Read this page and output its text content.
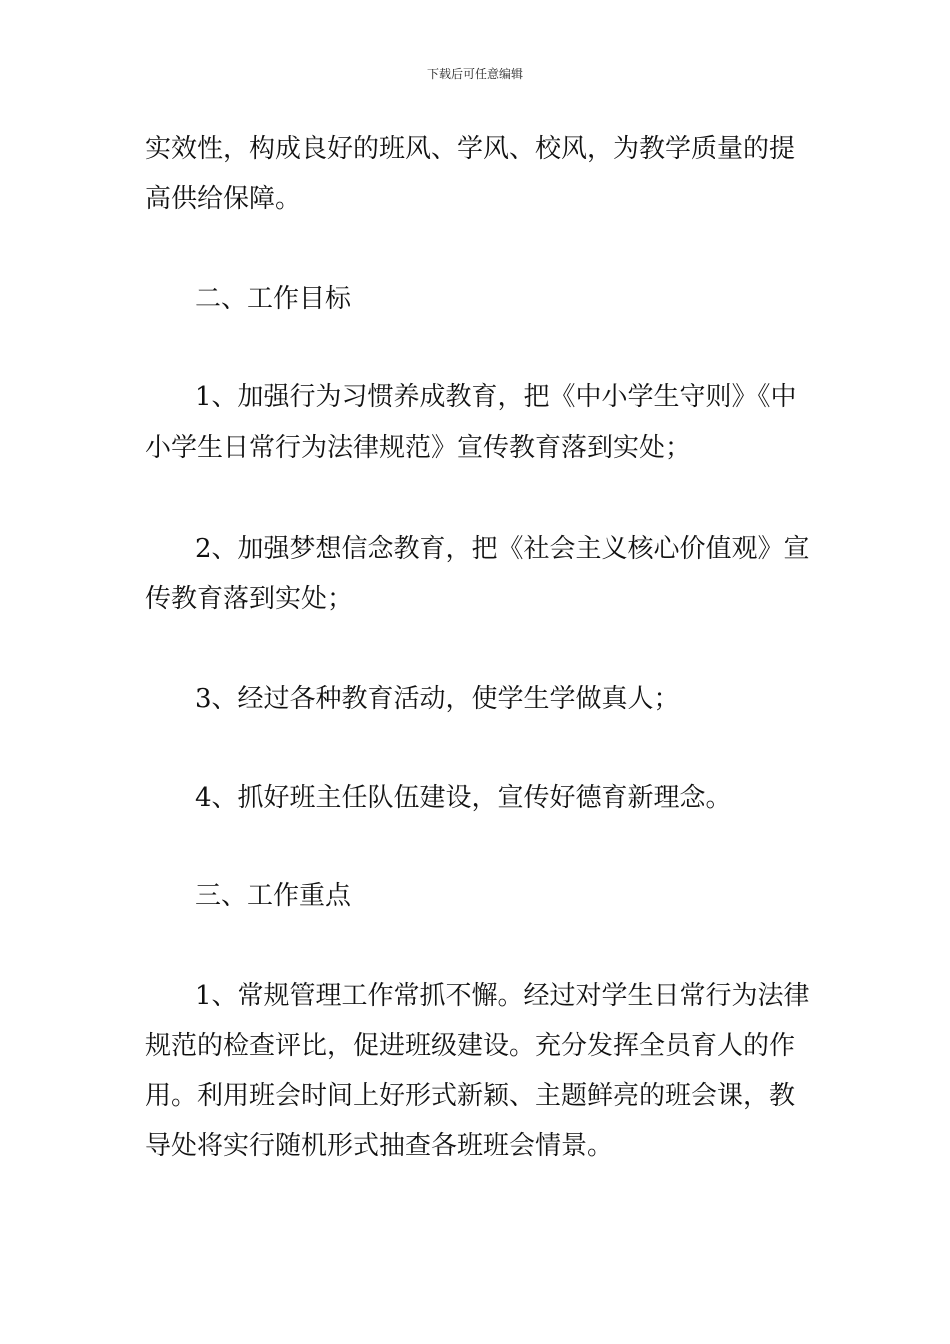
下载后可任意编辑
实效性，构成良好的班风、学风、校风，为教学质量的提
高供给保障。
二、工作目标
1、加强行为习惯养成教育，把《中小学生守则》《中
小学生日常行为法律规范》宣传教育落到实处；
2、加强梦想信念教育，把《社会主义核心价值观》宣
传教育落到实处；
3、经过各种教育活动，使学生学做真人；
4、抓好班主任队伍建设，宣传好德育新理念。
三、工作重点
1、常规管理工作常抓不懈。经过对学生日常行为法律
规范的检查评比，促进班级建设。充分发挥全员育人的作
用。利用班会时间上好形式新颖、主题鲜亮的班会课，教
导处将实行随机形式抽查各班班会情景。
